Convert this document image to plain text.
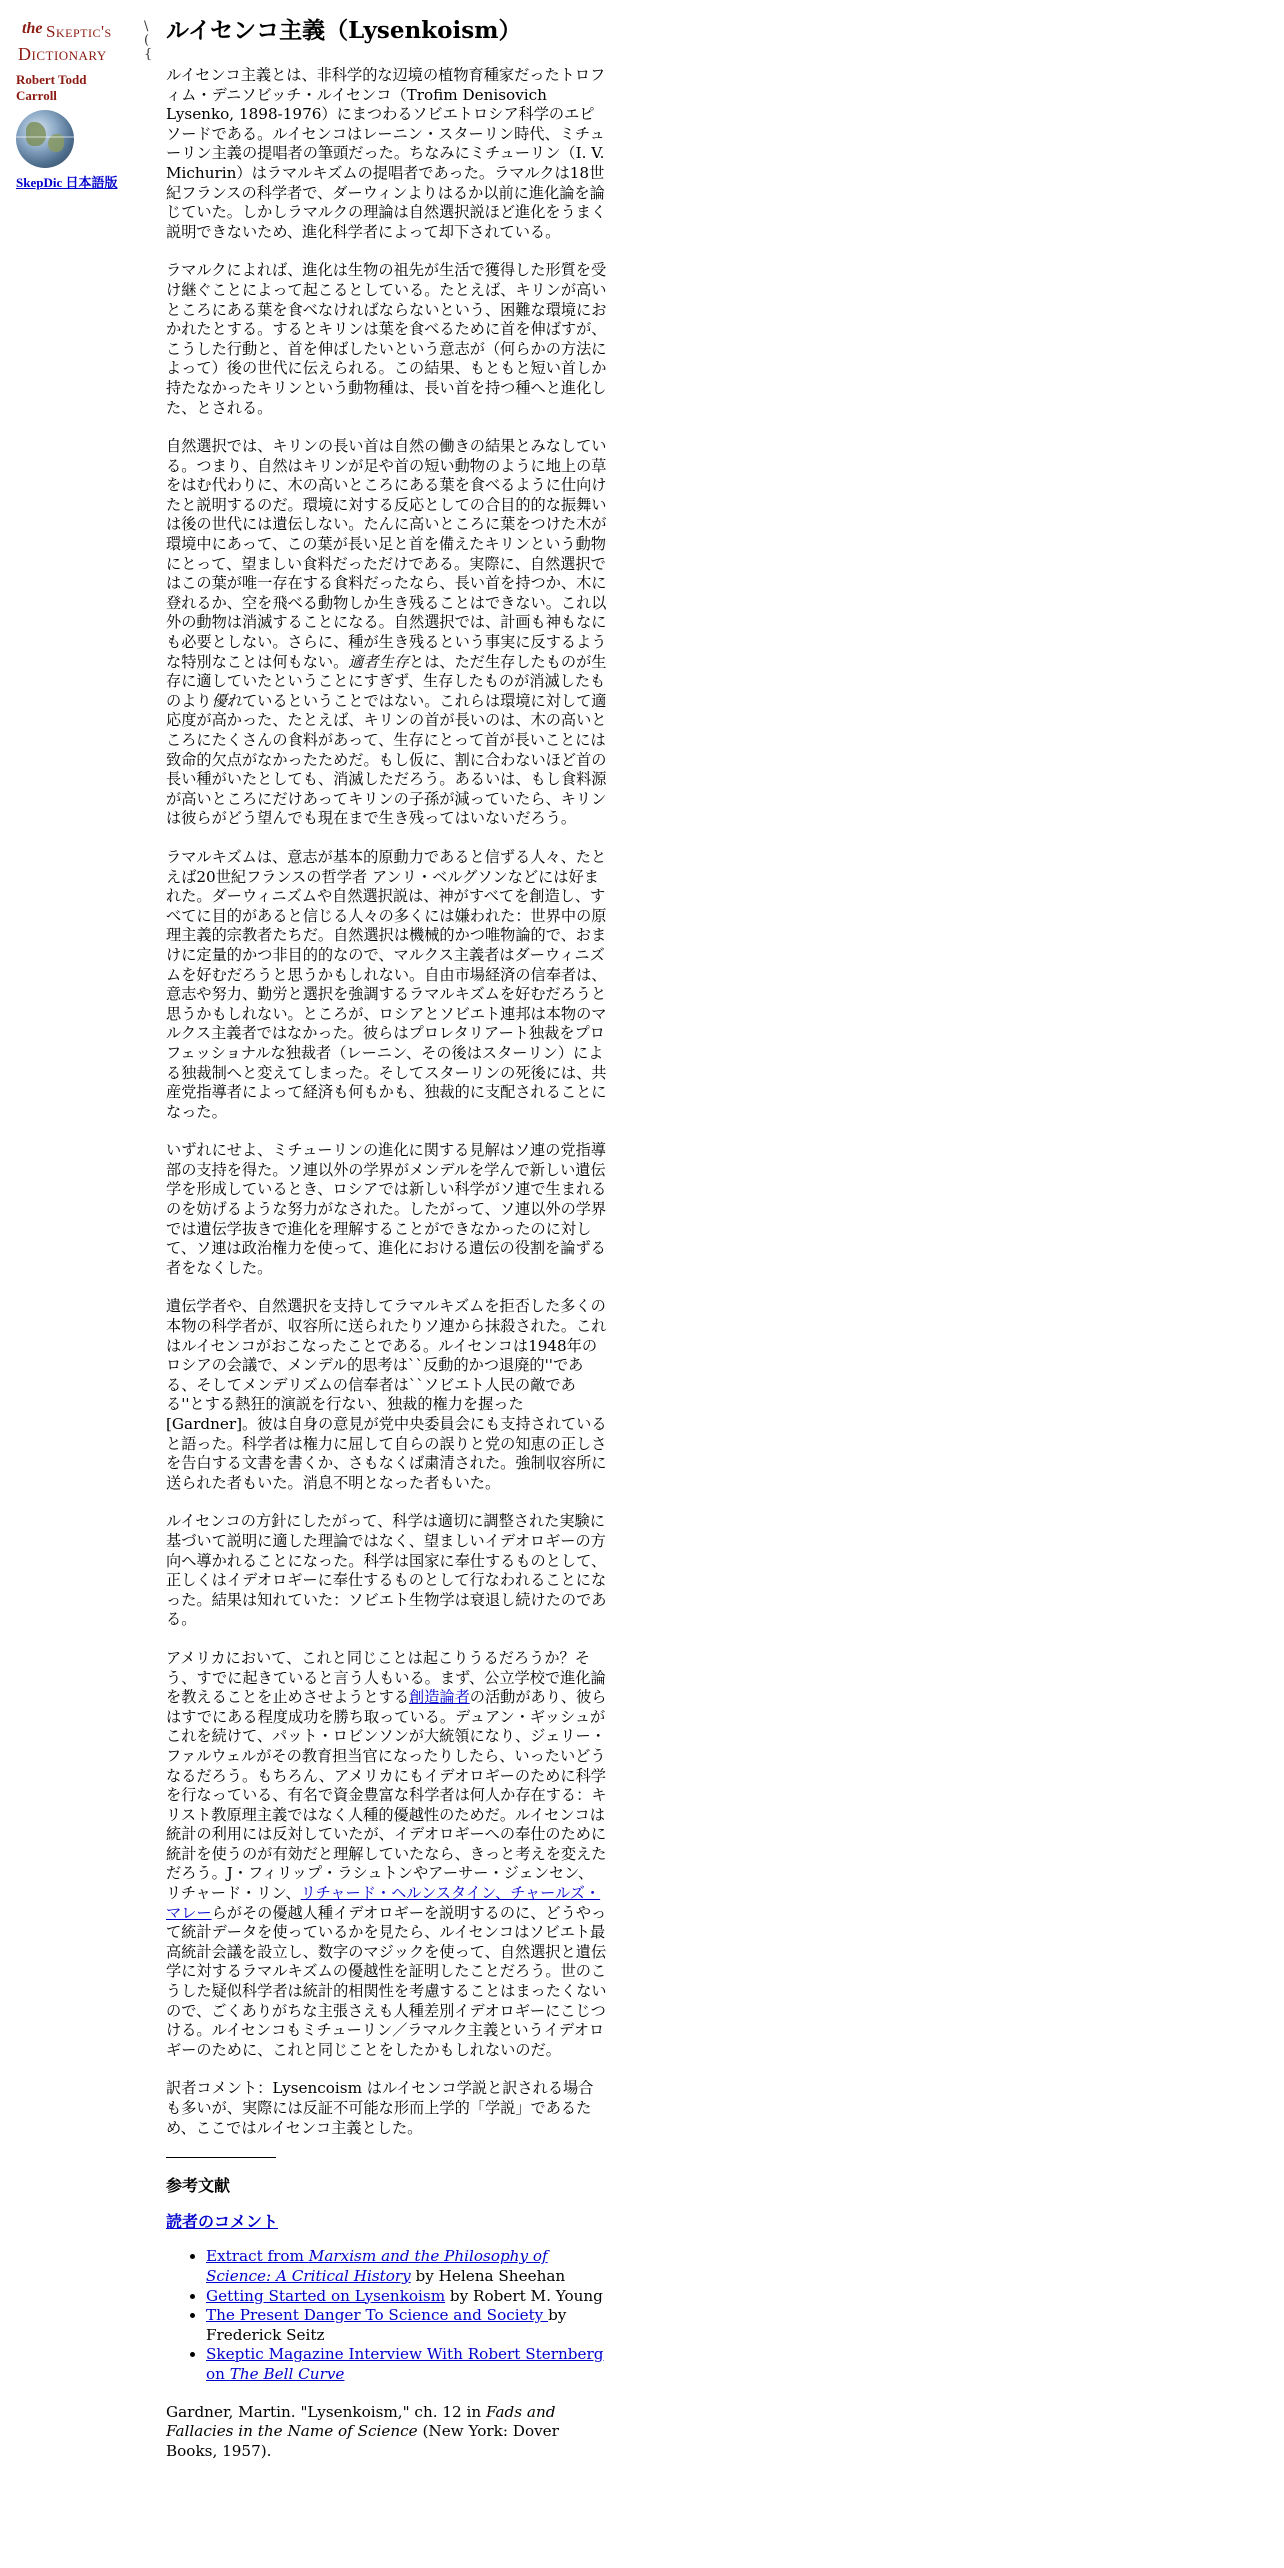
the Skeptic's
Dictionary
Robert Todd
Carroll
SkepDic 日本語版
\
(
{
ルイセンコ主義（Lysenkoism）

ルイセンコ主義とは、非科学的な辺境の植物育種家だったトロフィム・デニソビッチ・ルイセンコ（Trofim Denisovich Lysenko, 1898-1976）にまつわるソビエトロシア科学のエピソードである。ルイセンコはレーニン・スターリン時代、ミチューリン主義の提唱者の筆頭だった。ちなみにミチューリン（I. V. Michurin）はラマルキズムの提唱者であった。ラマルクは18世紀フランスの科学者で、ダーウィンよりはるか以前に進化論を論じていた。しかしラマルクの理論は自然選択説ほど進化をうまく説明できないため、進化科学者によって却下されている。

ラマルクによれば、進化は生物の祖先が生活で獲得した形質を受け継ぐことによって起こるとしている。たとえば、キリンが高いところにある葉を食べなければならないという、困難な環境におかれたとする。するとキリンは葉を食べるために首を伸ばすが、こうした行動と、首を伸ばしたいという意志が（何らかの方法によって）後の世代に伝えられる。この結果、もともと短い首しか持たなかったキリンという動物種は、長い首を持つ種へと進化した、とされる。

自然選択では、キリンの長い首は自然の働きの結果とみなしている。つまり、自然はキリンが足や首の短い動物のように地上の草をはむ代わりに、木の高いところにある葉を食べるように仕向けたと説明するのだ。環境に対する反応としての合目的的な振舞いは後の世代には遺伝しない。たんに高いところに葉をつけた木が環境中にあって、この葉が長い足と首を備えたキリンという動物にとって、望ましい食料だっただけである。実際に、自然選択ではこの葉が唯一存在する食料だったなら、長い首を持つか、木に登れるか、空を飛べる動物しか生き残ることはできない。これ以外の動物は消滅することになる。自然選択では、計画も神もなにも必要としない。さらに、種が生き残るという事実に反するような特別なことは何もない。適者生存とは、ただ生存したものが生存に適していたということにすぎず、生存したものが消滅したものより優れているということではない。これらは環境に対して適応度が高かった、たとえば、キリンの首が長いのは、木の高いところにたくさんの食料があって、生存にとって首が長いことには致命的欠点がなかったためだ。もし仮に、割に合わないほど首の長い種がいたとしても、消滅しただろう。あるいは、もし食料源が高いところにだけあってキリンの子孫が減っていたら、キリンは彼らがどう望んでも現在まで生き残ってはいないだろう。

ラマルキズムは、意志が基本的原動力であると信ずる人々、たとえば20世紀フランスの哲学者 アンリ・ベルグソンなどには好まれた。ダーウィニズムや自然選択説は、神がすべてを創造し、すべてに目的があると信じる人々の多くには嫌われた：世界中の原理主義的宗教者たちだ。自然選択は機械的かつ唯物論的で、おまけに定量的かつ非目的的なので、マルクス主義者はダーウィニズムを好むだろうと思うかもしれない。自由市場経済の信奉者は、意志や努力、勤労と選択を強調するラマルキズムを好むだろうと思うかもしれない。ところが、ロシアとソビエト連邦は本物のマルクス主義者ではなかった。彼らはプロレタリアート独裁をプロフェッショナルな独裁者（レーニン、その後はスターリン）による独裁制へと変えてしまった。そしてスターリンの死後には、共産党指導者によって経済も何もかも、独裁的に支配されることになった。

いずれにせよ、ミチューリンの進化に関する見解はソ連の党指導部の支持を得た。ソ連以外の学界がメンデルを学んで新しい遺伝学を形成しているとき、ロシアでは新しい科学がソ連で生まれるのを妨げるような努力がなされた。したがって、ソ連以外の学界では遺伝学抜きで進化を理解することができなかったのに対して、ソ連は政治権力を使って、進化における遺伝の役割を論ずる者をなくした。

遺伝学者や、自然選択を支持してラマルキズムを拒否した多くの本物の科学者が、収容所に送られたりソ連から抹殺された。これはルイセンコがおこなったことである。ルイセンコは1948年のロシアの会議で、メンデル的思考は``反動的かつ退廃的''である、そしてメンデリズムの信奉者は``ソビエト人民の敵である''とする熱狂的演説を行ない、独裁的権力を握った[Gardner]。彼は自身の意見が党中央委員会にも支持されていると語った。科学者は権力に屈して自らの誤りと党の知恵の正しさを告白する文書を書くか、さもなくば粛清された。強制収容所に送られた者もいた。消息不明となった者もいた。

ルイセンコの方針にしたがって、科学は適切に調整された実験に基づいて説明に適した理論ではなく、望ましいイデオロギーの方向へ導かれることになった。科学は国家に奉仕するものとして、正しくはイデオロギーに奉仕するものとして行なわれることになった。結果は知れていた：ソビエト生物学は衰退し続けたのである。

アメリカにおいて、これと同じことは起こりうるだろうか？そう、すでに起きていると言う人もいる。まず、公立学校で進化論を教えることを止めさせようとする創造論者の活動があり、彼らはすでにある程度成功を勝ち取っている。デュアン・ギッシュがこれを続けて、パット・ロビンソンが大統領になり、ジェリー・ファルウェルがその教育担当官になったりしたら、いったいどうなるだろう。もちろん、アメリカにもイデオロギーのために科学を行なっている、有名で資金豊富な科学者は何人か存在する：キリスト教原理主義ではなく人種的優越性のためだ。ルイセンコは統計の利用には反対していたが、イデオロギーへの奉仕のために統計を使うのが有効だと理解していたなら、きっと考えを変えただろう。J・フィリップ・ラシュトンやアーサー・ジェンセン、リチャード・リン、リチャード・ヘルンスタイン、チャールズ・マレーらがその優越人種イデオロギーを説明するのに、どうやって統計データを使っているかを見たら、ルイセンコはソビエト最高統計会議を設立し、数字のマジックを使って、自然選択と遺伝学に対するラマルキズムの優越性を証明したことだろう。世のこうした疑似科学者は統計的相関性を考慮することはまったくないので、ごくありがちな主張さえも人種差別イデオロギーにこじつける。ルイセンコもミチューリン／ラマルク主義というイデオロギーのために、これと同じことをしたかもしれないのだ。

訳者コメント：Lysencoism はルイセンコ学説と訳される場合も多いが、実際には反証不可能な形而上学的「学説」であるため、ここではルイセンコ主義とした。

参考文献
読者のコメント
• Extract from Marxism and the Philosophy of Science: A Critical History by Helena Sheehan
• Getting Started on Lysenkoism by Robert M. Young
• The Present Danger To Science and Society by Frederick Seitz
• Skeptic Magazine Interview With Robert Sternberg on The Bell Curve

Gardner, Martin. "Lysenkoism," ch. 12 in Fads and Fallacies in the Name of Science (New York: Dover Books, 1957).
